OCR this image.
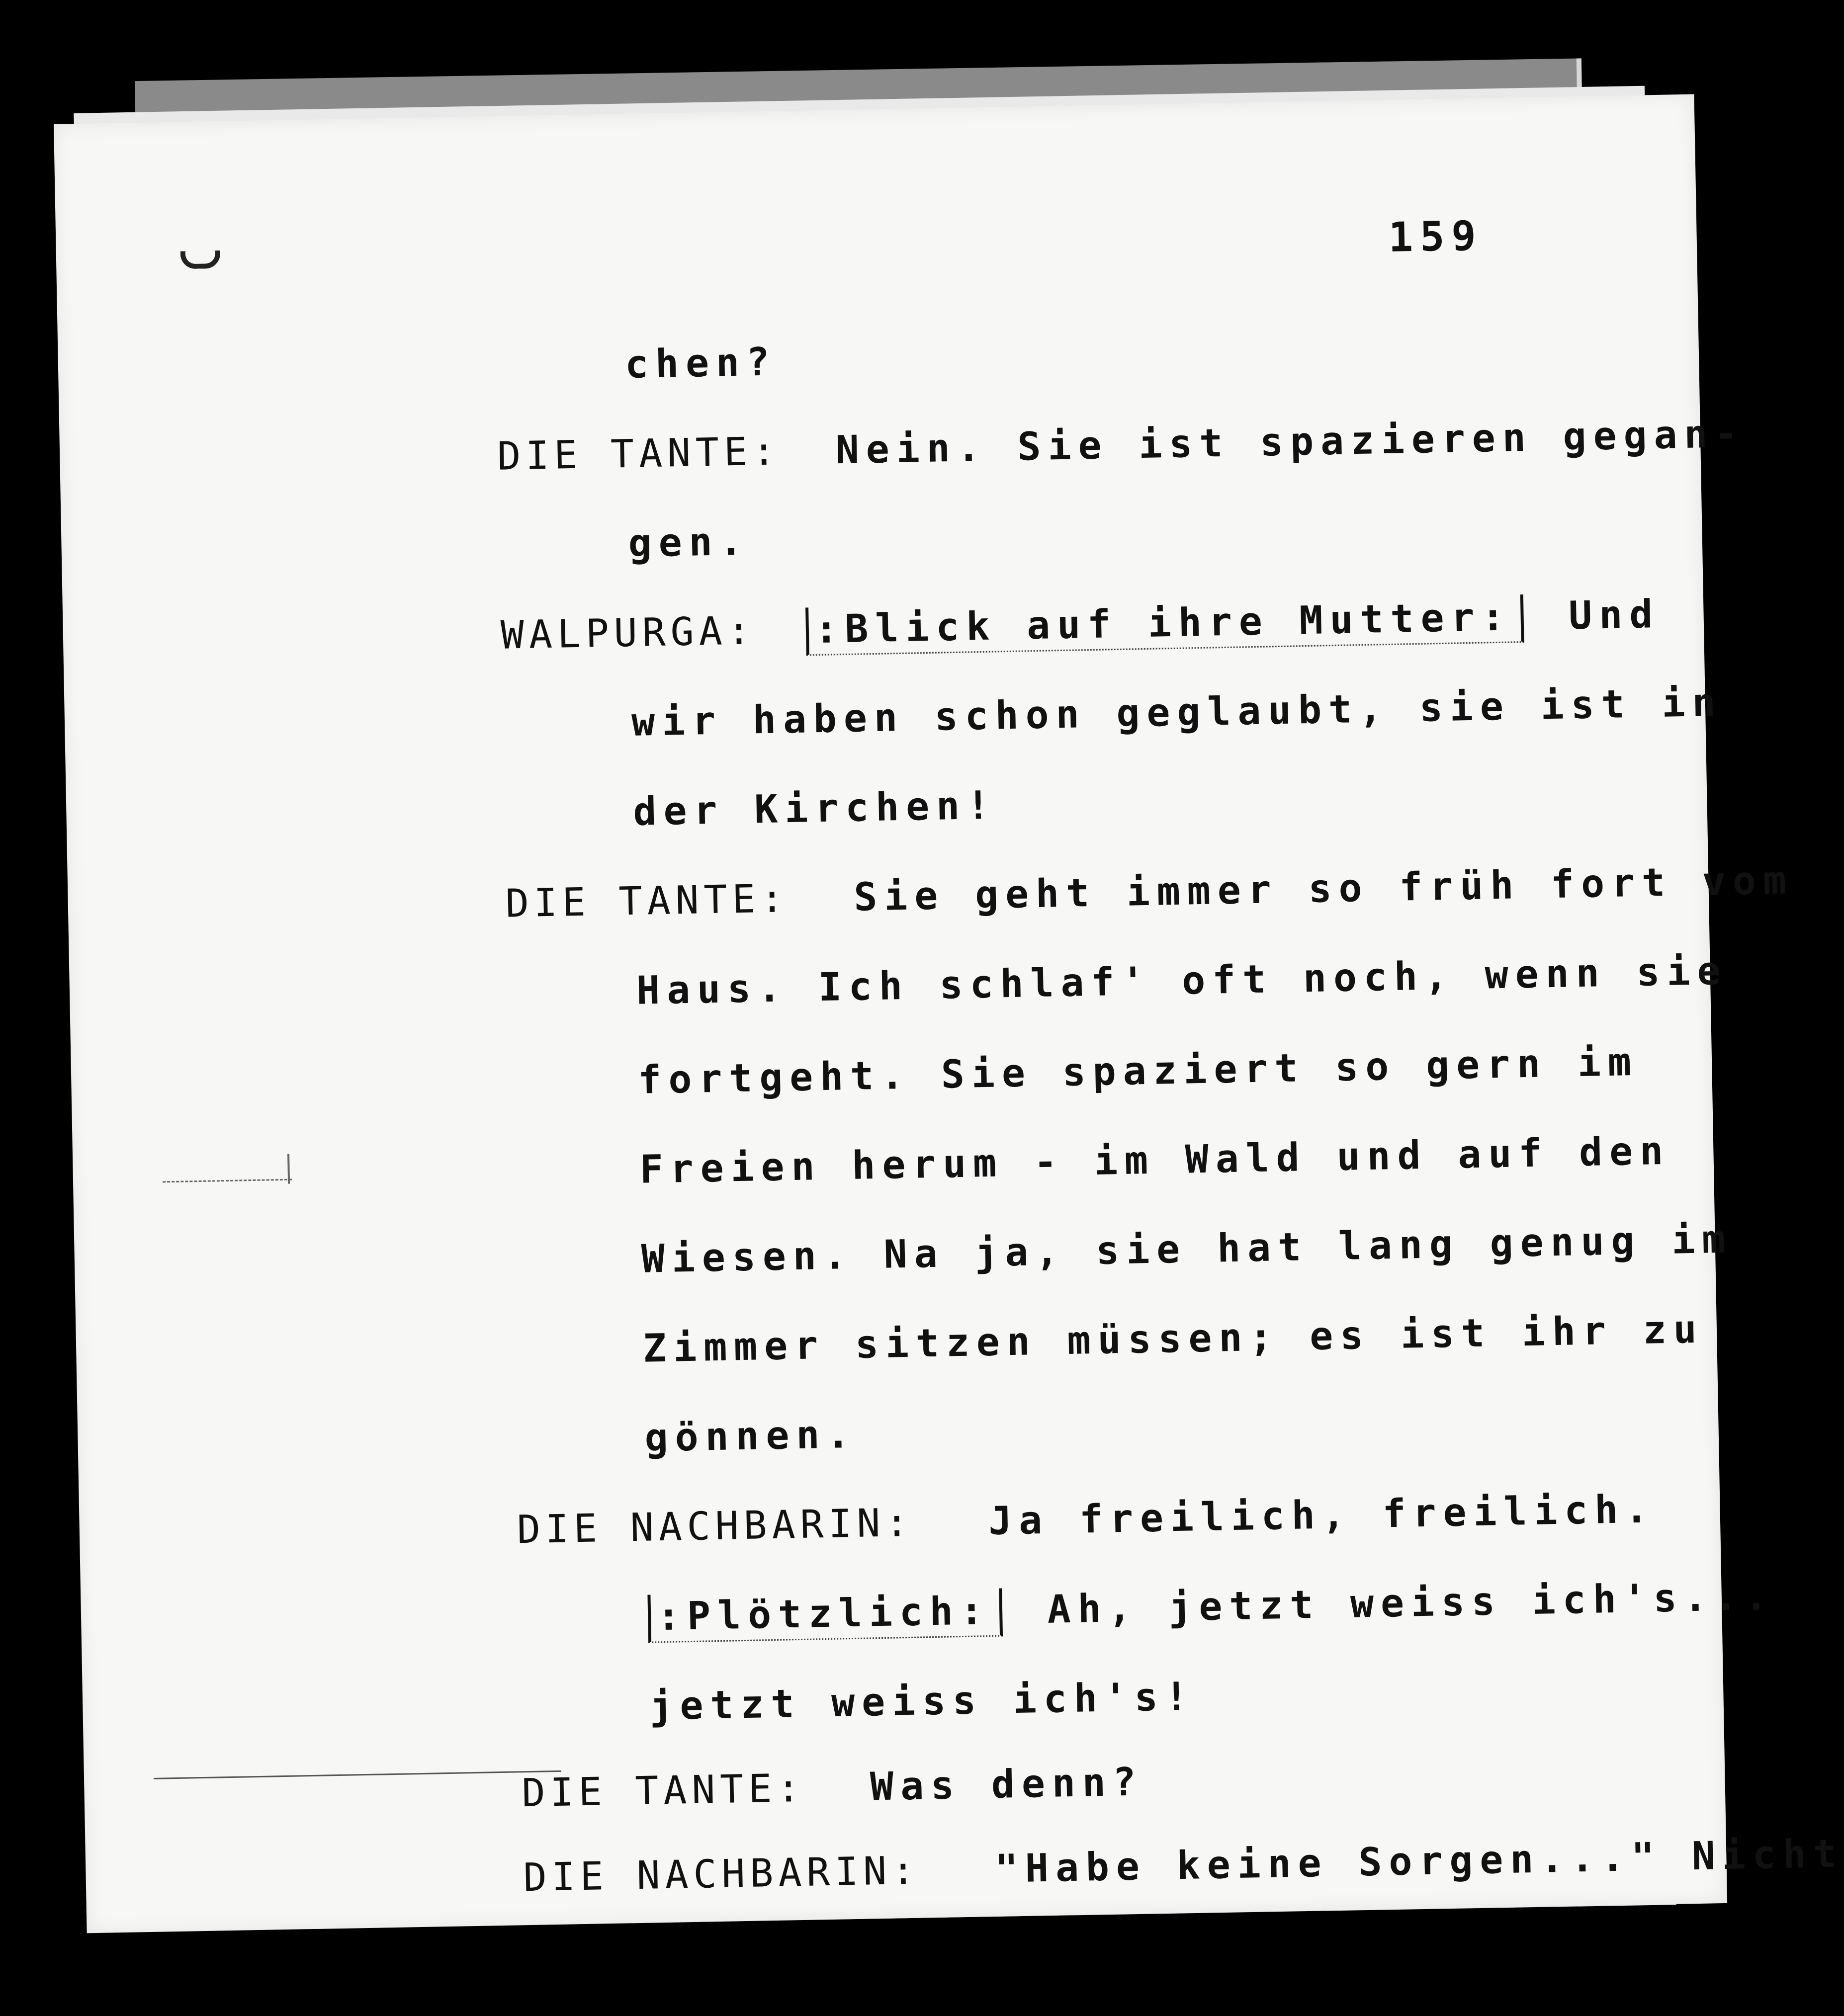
159
chen?
DIE TANTE: Nein. Sie ist spazieren gegan-
gen.
WALPURGA: :Blick auf ihre Mutter: Und
wir haben schon geglaubt, sie ist in
der Kirchen!
DIE TANTE: Sie geht immer so früh fort vom
Haus. Ich schlaf' oft noch, wenn sie
fortgeht. Sie spaziert so gern im
Freien herum - im Wald und auf den
Wiesen. Na ja, sie hat lang genug im
Zimmer sitzen müssen; es ist ihr zu
gönnen.
DIE NACHBARIN: Ja freilich, freilich.
:Plötzlich: Ah, jetzt weiss ich's...
jetzt weiss ich's!
DIE TANTE: Was denn?
DIE NACHBARIN: "Habe keine Sorgen..." Nicht
